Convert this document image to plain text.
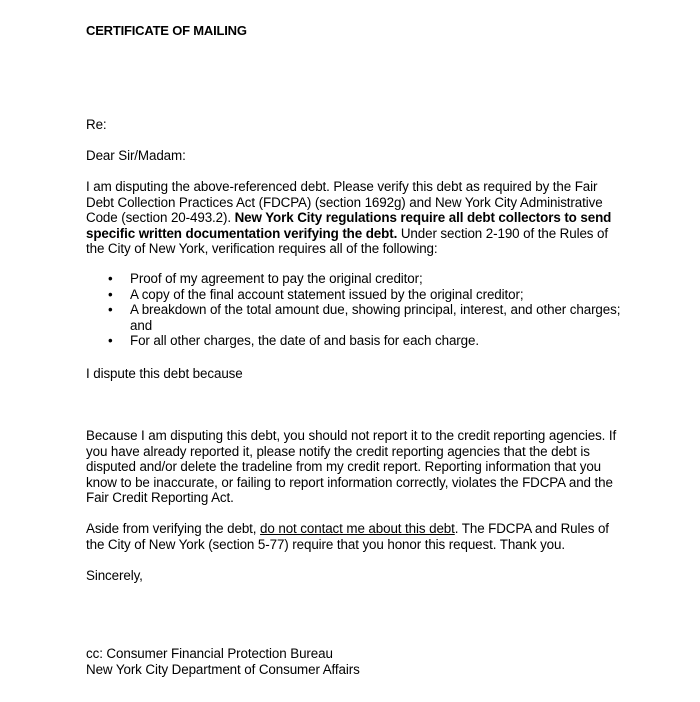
CERTIFICATE OF MAILING
Re:
Dear Sir/Madam:
I am disputing the above-referenced debt. Please verify this debt as required by the Fair Debt Collection Practices Act (FDCPA) (section 1692g) and New York City Administrative Code (section 20-493.2). New York City regulations require all debt collectors to send specific written documentation verifying the debt. Under section 2-190 of the Rules of the City of New York, verification requires all of the following:
• Proof of my agreement to pay the original creditor;
• A copy of the final account statement issued by the original creditor;
• A breakdown of the total amount due, showing principal, interest, and other charges; and
• For all other charges, the date of and basis for each charge.
I dispute this debt because
Because I am disputing this debt, you should not report it to the credit reporting agencies. If you have already reported it, please notify the credit reporting agencies that the debt is disputed and/or delete the tradeline from my credit report. Reporting information that you know to be inaccurate, or failing to report information correctly, violates the FDCPA and the Fair Credit Reporting Act.
Aside from verifying the debt, do not contact me about this debt. The FDCPA and Rules of the City of New York (section 5-77) require that you honor this request. Thank you.
Sincerely,
cc: Consumer Financial Protection Bureau
New York City Department of Consumer Affairs
